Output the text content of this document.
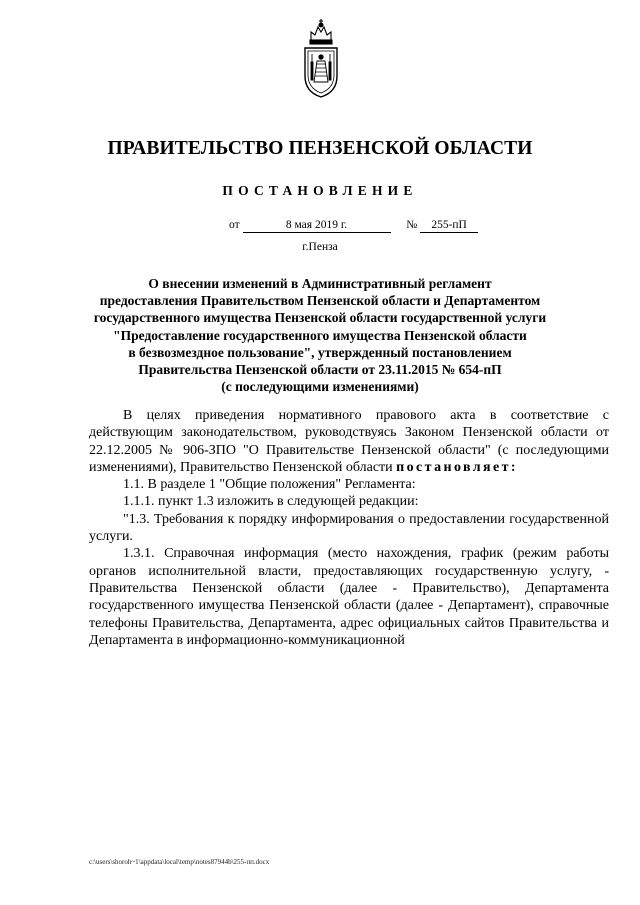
ПРАВИТЕЛЬСТВО ПЕНЗЕНСКОЙ ОБЛАСТИ
ПОСТАНОВЛЕНИЕ
от	8 мая 2019 г.	№ 255-пП
г.Пенза
О внесении изменений в Административный регламент
предоставления Правительством Пензенской области и Департаментом
государственного имущества Пензенской области государственной услуги
"Предоставление государственного имущества Пензенской области
в безвозмездное пользование", утвержденный постановлением
Правительства Пензенской области от 23.11.2015 № 654-пП
(с последующими изменениями)

В целях приведения нормативного правового акта в соответствие с действующим законодательством, руководствуясь Законом Пензенской области от 22.12.2005 № 906-ЗПО "О Правительстве Пензенской области" (с последующими изменениями), Правительство Пензенской области постановляет:

1.1. В разделе 1 "Общие положения" Регламента:

1.1.1. пункт 1.3 изложить в следующей редакции:

"1.3. Требования к порядку информирования о предоставлении государственной услуги.

1.3.1. Справочная информация (место нахождения, график (режим работы органов исполнительной власти, предоставляющих государственную услугу, - Правительства Пензенской области (далее - Правительство), Департамента государственного имущества Пензенской области (далее - Департамент), справочные телефоны Правительства, Департамента, адрес официальных сайтов Правительства и Департамента в информационно-коммуникационной

c:\users\shoroh~1\appdata\local\temp\notes87944b\255-пп.docx
